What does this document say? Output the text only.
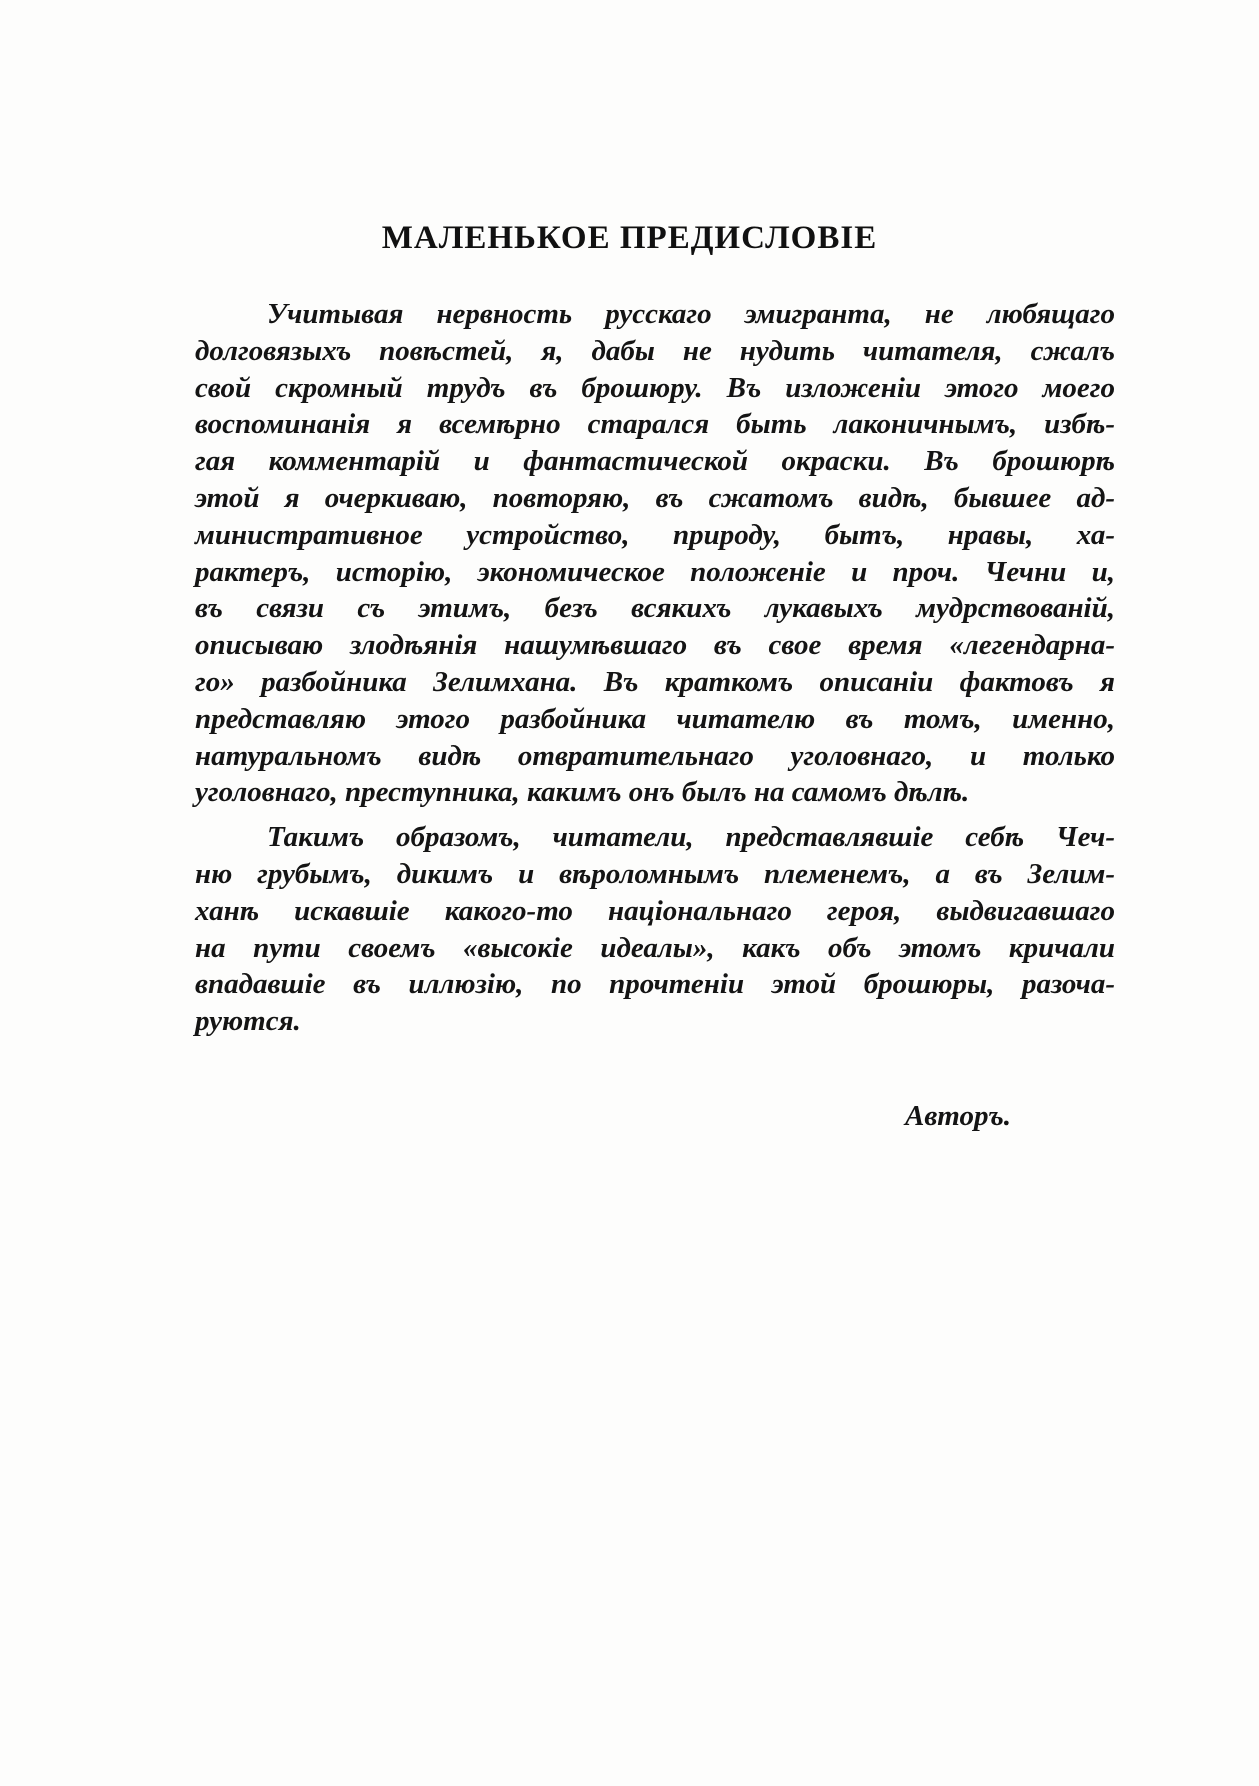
МАЛЕНЬКОЕ ПРЕДИСЛОВІЕ
Учитывая нервность русскаго эмигранта, не любящаго
долговязыхъ повѣстей, я, дабы не нудить читателя, сжалъ
свой скромный трудъ въ брошюру. Въ изложеніи этого моего
воспоминанія я всемѣрно старался быть лаконичнымъ, избѣ-
гая комментарій и фантастической окраски. Въ брошюрѣ
этой я очеркиваю, повторяю, въ сжатомъ видѣ, бывшее ад-
министративное устройство, природу, бытъ, нравы, ха-
рактеръ, исторію, экономическое положеніе и проч. Чечни и,
въ связи съ этимъ, безъ всякихъ лукавыхъ мудрствованій,
описываю злодѣянія нашумѣвшаго въ свое время «легендарна-
го» разбойника Зелимхана. Въ краткомъ описаніи фактовъ я
представляю этого разбойника читателю въ томъ, именно,
натуральномъ видѣ отвратительнаго уголовнаго, и только
уголовнаго, преступника, какимъ онъ былъ на самомъ дѣлѣ.
Такимъ образомъ, читатели, представлявшіе себѣ Чеч-
ню грубымъ, дикимъ и вѣроломнымъ племенемъ, а въ Зелим-
ханѣ искавшіе какого-то національнаго героя, выдвигавшаго
на пути своемъ «высокіе идеалы», какъ объ этомъ кричали
впадавшіе въ иллюзію, по прочтеніи этой брошюры, разоча-
руются.
Авторъ.
